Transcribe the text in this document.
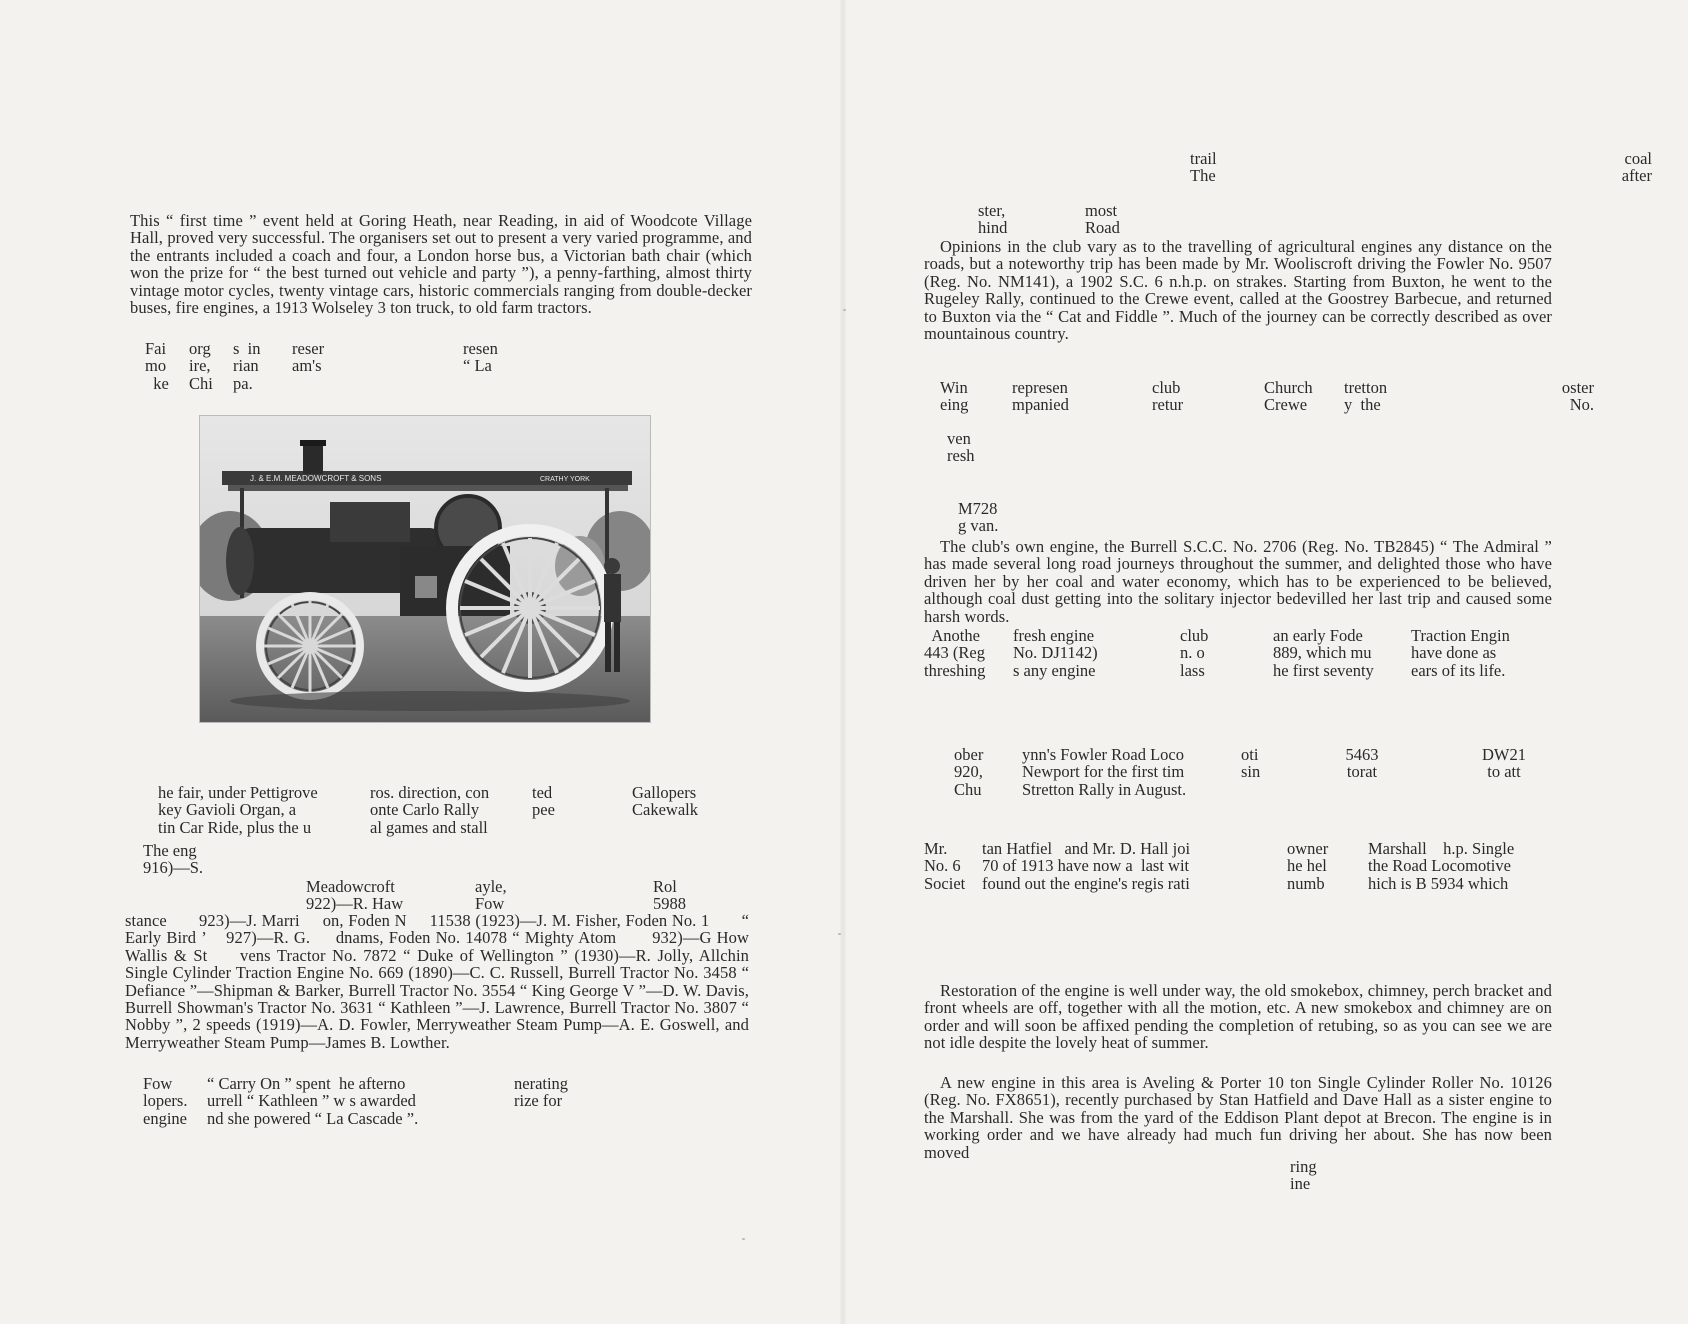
This “ first time ” event held at Goring Heath, near Reading, in aid of Woodcote Village Hall, proved very successful. The organisers set out to present a very varied programme, and the entrants included a coach and four, a London horse bus, a Victorian bath chair (which won the prize for “ the best turned out vehicle and party ”), a penny-farthing, almost thirty vintage motor cycles, twenty vintage cars, historic commercials ranging from double-decker buses, fire engines, a 1913 Wolseley 3 ton truck, to old farm tractors.

Fai
mo
ke
org
ire,
Chi
s  in
rian
pa.
reser
am's
resen
“ La
J. & E.M. MEADOWCROFT & SONS	CRATHY YORK
he fair, under Pettigrove
key Gavioli Organ, a
tin Car Ride, plus the u
ros. direction, con
onte Carlo Rally
al games and stall
ted
pee
Gallopers
Cakewalk
The eng
916)—S.
Meadowcroft
922)—R. Haw
ayle,
Fow
Rol
5988

stance       923)—J. Marri     on, Foden N     11538 (1923)—J. M. Fisher, Foden No. 1       “ Early Bird ’    927)—R. G.     dnams, Foden No. 14078 “ Mighty Atom       932)—G How     Wallis & St     vens Tractor No. 7872 “ Duke of Wellington ” (1930)—R. Jolly, Allchin Single Cylinder Traction Engine No. 669 (1890)—C. C. Russell, Burrell Tractor No. 3458 “ Defiance ”—Shipman & Barker, Burrell Tractor No. 3554 “ King George V ”—D. W. Davis, Burrell Showman's Tractor No. 3631 “ Kathleen ”—J. Lawrence, Burrell Tractor No. 3807 “ Nobby ”, 2 speeds (1919)—A. D. Fowler, Merryweather Steam Pump—A. E. Goswell, and Merryweather Steam Pump—James B. Lowther.

Fow
lopers.
engine
“ Carry On ” spent  he afterno
urrell “ Kathleen ” w s awarded
nd she powered “ La Cascade ”.
nerating
rize for
trail
The
coal
after
ster,
hind
most
Road

Opinions in the club vary as to the travelling of agricultural engines any distance on the roads, but a noteworthy trip has been made by Mr. Wooliscroft driving the Fowler No. 9507 (Reg. No. NM141), a 1902 S.C. 6 n.h.p. on strakes. Starting from Buxton, he went to the Rugeley Rally, continued to the Crewe event, called at the Goostrey Barbecue, and returned to Buxton via the “ Cat and Fiddle ”. Much of the journey can be correctly described as over mountainous country.

Win
eing
represen
mpanied
club
retur
Church
Crewe
tretton
y  the
oster
No.
ven
resh
M728
g van.

The club's own engine, the Burrell S.C.C. No. 2706 (Reg. No. TB2845) “ The Admiral ” has made several long road journeys throughout the summer, and delighted those who have driven her by her coal and water economy, which has to be experienced to be believed, although coal dust getting into the solitary injector bedevilled her last trip and caused some harsh words.

Anothe
443 (Reg
threshing
fresh engine
No. DJ1142)
s any engine
club
n. o
lass
an early Fode
889, which mu
he first seventy
Traction Engin
have done as
ears of its life.
ober
920,
Chu
ynn's Fowler Road Loco
Newport for the first tim
Stretton Rally in August.
oti
sin
5463
torat
DW21
to att
Mr.
No. 6
Societ
tan Hatfiel   and Mr. D. Hall joi
70 of 1913 have now a  last wit
found out the engine's regis rati
owner
he hel
numb
Marshall    h.p. Single
the Road Locomotive
hich is B 5934 which

Restoration of the engine is well under way, the old smokebox, chimney, perch bracket and front wheels are off, together with all the motion, etc. A new smokebox and chimney are on order and will soon be affixed pending the completion of retubing, so as you can see we are not idle despite the lovely heat of summer.

A new engine in this area is Aveling & Porter 10 ton Single Cylinder Roller No. 10126 (Reg. No. FX8651), recently purchased by Stan Hatfield and Dave Hall as a sister engine to the Marshall. She was from the yard of the Eddison Plant depot at Brecon. The engine is in working order and we have already had much fun driving her about. She has now been moved

ring
ine
